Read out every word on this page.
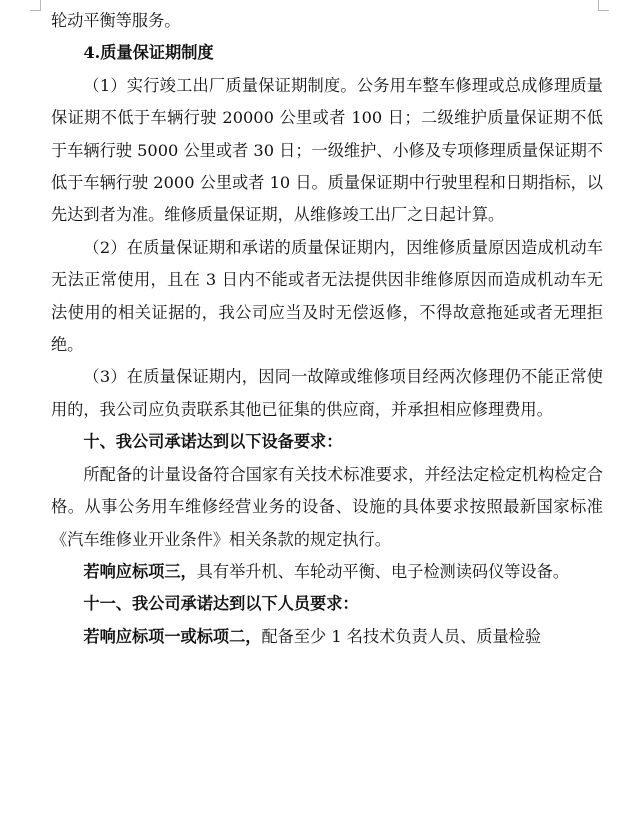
轮动平衡等服务。

4.质量保证期制度

（1）实行竣工出厂质量保证期制度。公务用车整车修理或总成修理质量保证期不低于车辆行驶 20000 公里或者 100 日；二级维护质量保证期不低于车辆行驶 5000 公里或者 30 日；一级维护、小修及专项修理质量保证期不低于车辆行驶 2000 公里或者 10 日。质量保证期中行驶里程和日期指标，以先达到者为准。维修质量保证期，从维修竣工出厂之日起计算。

（2）在质量保证期和承诺的质量保证期内，因维修质量原因造成机动车无法正常使用，且在 3 日内不能或者无法提供因非维修原因而造成机动车无法使用的相关证据的，我公司应当及时无偿返修，不得故意拖延或者无理拒绝。

（3）在质量保证期内，因同一故障或维修项目经两次修理仍不能正常使用的，我公司应负责联系其他已征集的供应商，并承担相应修理费用。

十、我公司承诺达到以下设备要求：

所配备的计量设备符合国家有关技术标准要求，并经法定检定机构检定合格。从事公务用车维修经营业务的设备、设施的具体要求按照最新国家标准《汽车维修业开业条件》相关条款的规定执行。

若响应标项三，具有举升机、车轮动平衡、电子检测读码仪等设备。

十一、我公司承诺达到以下人员要求：

若响应标项一或标项二，配备至少 1 名技术负责人员、质量检验
